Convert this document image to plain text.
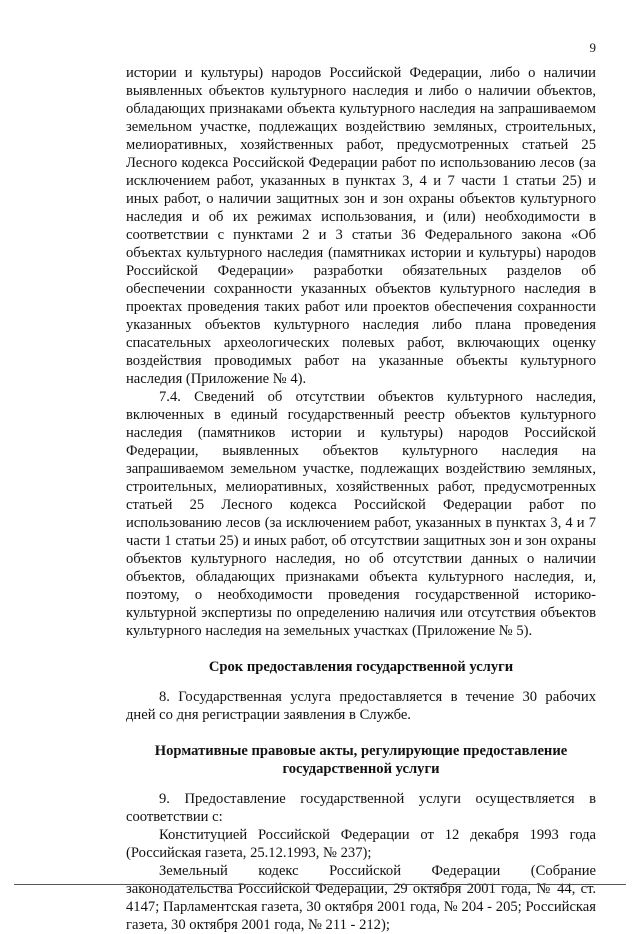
9

истории и культуры) народов Российской Федерации, либо о наличии выявленных объектов культурного наследия и либо о наличии объектов, обладающих признаками объекта культурного наследия на запрашиваемом земельном участке, подлежащих воздействию земляных, строительных, мелиоративных, хозяйственных работ, предусмотренных статьей 25 Лесного кодекса Российской Федерации работ по использованию лесов (за исключением работ, указанных в пунктах 3, 4 и 7 части 1 статьи 25) и иных работ, о наличии защитных зон и зон охраны объектов культурного наследия и об их режимах использования, и (или) необходимости в соответствии с пунктами 2 и 3 статьи 36 Федерального закона «Об объектах культурного наследия (памятниках истории и культуры) народов Российской Федерации» разработки обязательных разделов об обеспечении сохранности указанных объектов культурного наследия в проектах проведения таких работ или проектов обеспечения сохранности указанных объектов культурного наследия либо плана проведения спасательных археологических полевых работ, включающих оценку воздействия проводимых работ на указанные объекты культурного наследия (Приложение № 4).

7.4. Сведений об отсутствии объектов культурного наследия, включенных в единый государственный реестр объектов культурного наследия (памятников истории и культуры) народов Российской Федерации, выявленных объектов культурного наследия на запрашиваемом земельном участке, подлежащих воздействию земляных, строительных, мелиоративных, хозяйственных работ, предусмотренных статьей 25 Лесного кодекса Российской Федерации работ по использованию лесов (за исключением работ, указанных в пунктах 3, 4 и 7 части 1 статьи 25) и иных работ, об отсутствии защитных зон и зон охраны объектов культурного наследия, но об отсутствии данных о наличии объектов, обладающих признаками объекта культурного наследия, и, поэтому, о необходимости проведения государственной историко-культурной экспертизы по определению наличия или отсутствия объектов культурного наследия на земельных участках (Приложение № 5).

Срок предоставления государственной услуги

8. Государственная услуга предоставляется в течение 30 рабочих дней со дня регистрации заявления в Службе.

Нормативные правовые акты, регулирующие предоставление
государственной услуги

9. Предоставление государственной услуги осуществляется в соответствии с:

Конституцией Российской Федерации от 12 декабря 1993 года (Российская газета, 25.12.1993, № 237);

Земельный кодекс Российской Федерации (Собрание законодательства Российской Федерации, 29 октября 2001 года, № 44, ст. 4147; Парламентская газета, 30 октября 2001 года, № 204 - 205; Российская газета, 30 октября 2001 года, № 211 - 212);
